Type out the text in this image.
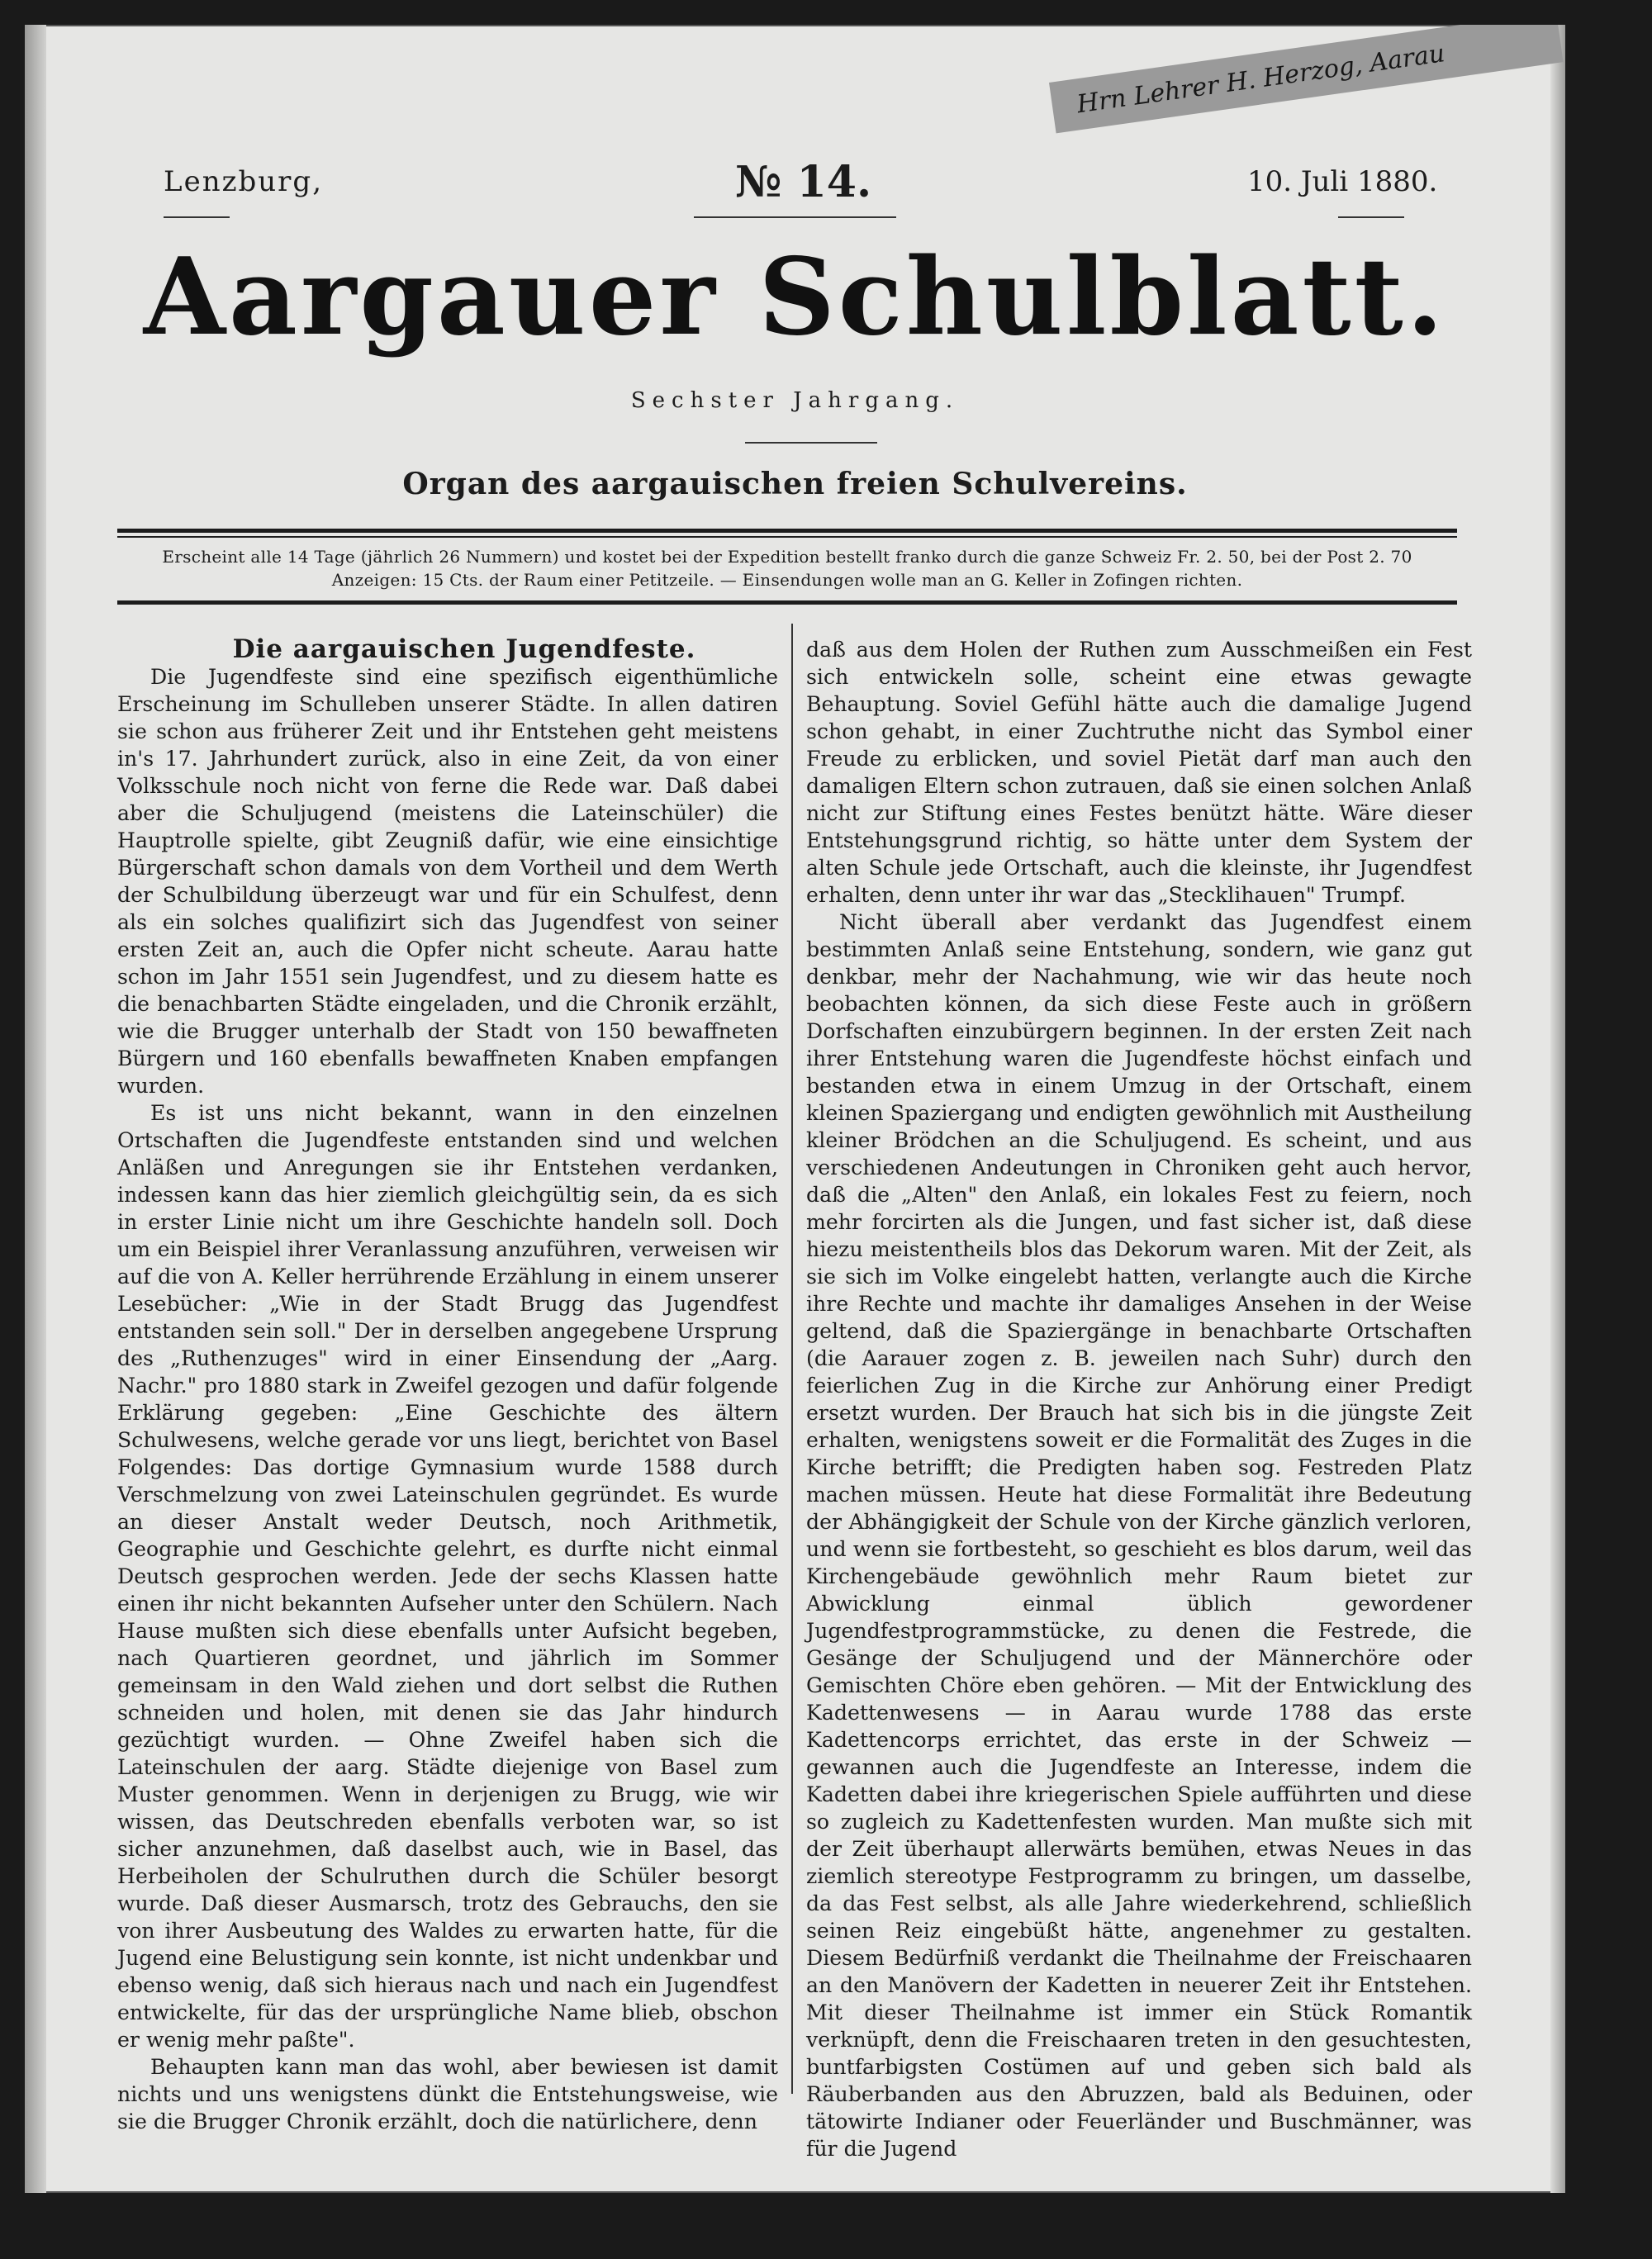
Hrn Lehrer H. Herzog, Aarau
Lenzburg,	№ 14.	10. Juli 1880.
Aargauer Schulblatt.
Sechster Jahrgang.
Organ des aargauischen freien Schulvereins.
Erscheint alle 14 Tage (jährlich 26 Nummern) und kostet bei der Expedition bestellt franko durch die ganze Schweiz Fr. 2. 50, bei der Post 2. 70
Anzeigen: 15 Cts. der Raum einer Petitzeile. — Einsendungen wolle man an G. Keller in Zofingen richten.

Die aargauischen Jugendfeste.

Die Jugendfeste sind eine spezifisch eigenthümliche Erscheinung im Schulleben unserer Städte. In allen datiren sie schon aus früherer Zeit und ihr Entstehen geht meistens in's 17. Jahrhundert zurück, also in eine Zeit, da von einer Volksschule noch nicht von ferne die Rede war. Daß dabei aber die Schuljugend (meistens die Lateinschüler) die Hauptrolle spielte, gibt Zeugniß dafür, wie eine einsichtige Bürgerschaft schon damals von dem Vortheil und dem Werth der Schulbildung überzeugt war und für ein Schulfest, denn als ein solches qualifizirt sich das Jugendfest von seiner ersten Zeit an, auch die Opfer nicht scheute. Aarau hatte schon im Jahr 1551 sein Jugendfest, und zu diesem hatte es die benachbarten Städte eingeladen, und die Chronik erzählt, wie die Brugger unterhalb der Stadt von 150 bewaffneten Bürgern und 160 ebenfalls bewaffneten Knaben empfangen wurden.

Es ist uns nicht bekannt, wann in den einzelnen Ortschaften die Jugendfeste entstanden sind und welchen Anläßen und Anregungen sie ihr Entstehen verdanken, indessen kann das hier ziemlich gleichgültig sein, da es sich in erster Linie nicht um ihre Geschichte handeln soll. Doch um ein Beispiel ihrer Veranlassung anzuführen, verweisen wir auf die von A. Keller herrührende Erzählung in einem unserer Lesebücher: „Wie in der Stadt Brugg das Jugendfest entstanden sein soll." Der in derselben angegebene Ursprung des „Ruthenzuges" wird in einer Einsendung der „Aarg. Nachr." pro 1880 stark in Zweifel gezogen und dafür folgende Erklärung gegeben: „Eine Geschichte des ältern Schulwesens, welche gerade vor uns liegt, berichtet von Basel Folgendes: Das dortige Gymnasium wurde 1588 durch Verschmelzung von zwei Lateinschulen gegründet. Es wurde an dieser Anstalt weder Deutsch, noch Arithmetik, Geographie und Geschichte gelehrt, es durfte nicht einmal Deutsch gesprochen werden. Jede der sechs Klassen hatte einen ihr nicht bekannten Aufseher unter den Schülern. Nach Hause mußten sich diese ebenfalls unter Aufsicht begeben, nach Quartieren geordnet, und jährlich im Sommer gemeinsam in den Wald ziehen und dort selbst die Ruthen schneiden und holen, mit denen sie das Jahr hindurch gezüchtigt wurden. — Ohne Zweifel haben sich die Lateinschulen der aarg. Städte diejenige von Basel zum Muster genommen. Wenn in derjenigen zu Brugg, wie wir wissen, das Deutschreden ebenfalls verboten war, so ist sicher anzunehmen, daß daselbst auch, wie in Basel, das Herbeiholen der Schulruthen durch die Schüler besorgt wurde. Daß dieser Ausmarsch, trotz des Gebrauchs, den sie von ihrer Ausbeutung des Waldes zu erwarten hatte, für die Jugend eine Belustigung sein konnte, ist nicht undenkbar und ebenso wenig, daß sich hieraus nach und nach ein Jugendfest entwickelte, für das der ursprüngliche Name blieb, obschon er wenig mehr paßte".

Behaupten kann man das wohl, aber bewiesen ist damit nichts und uns wenigstens dünkt die Entstehungsweise, wie sie die Brugger Chronik erzählt, doch die natürlichere, denn

daß aus dem Holen der Ruthen zum Ausschmeißen ein Fest sich entwickeln solle, scheint eine etwas gewagte Behauptung. Soviel Gefühl hätte auch die damalige Jugend schon gehabt, in einer Zuchtruthe nicht das Symbol einer Freude zu erblicken, und soviel Pietät darf man auch den damaligen Eltern schon zutrauen, daß sie einen solchen Anlaß nicht zur Stiftung eines Festes benützt hätte. Wäre dieser Entstehungsgrund richtig, so hätte unter dem System der alten Schule jede Ortschaft, auch die kleinste, ihr Jugendfest erhalten, denn unter ihr war das „Stecklihauen" Trumpf.

Nicht überall aber verdankt das Jugendfest einem bestimmten Anlaß seine Entstehung, sondern, wie ganz gut denkbar, mehr der Nachahmung, wie wir das heute noch beobachten können, da sich diese Feste auch in größern Dorfschaften einzubürgern beginnen. In der ersten Zeit nach ihrer Entstehung waren die Jugendfeste höchst einfach und bestanden etwa in einem Umzug in der Ortschaft, einem kleinen Spaziergang und endigten gewöhnlich mit Austheilung kleiner Brödchen an die Schuljugend. Es scheint, und aus verschiedenen Andeutungen in Chroniken geht auch hervor, daß die „Alten" den Anlaß, ein lokales Fest zu feiern, noch mehr forcirten als die Jungen, und fast sicher ist, daß diese hiezu meistentheils blos das Dekorum waren. Mit der Zeit, als sie sich im Volke eingelebt hatten, verlangte auch die Kirche ihre Rechte und machte ihr damaliges Ansehen in der Weise geltend, daß die Spaziergänge in benachbarte Ortschaften (die Aarauer zogen z. B. jeweilen nach Suhr) durch den feierlichen Zug in die Kirche zur Anhörung einer Predigt ersetzt wurden. Der Brauch hat sich bis in die jüngste Zeit erhalten, wenigstens soweit er die Formalität des Zuges in die Kirche betrifft; die Predigten haben sog. Festreden Platz machen müssen. Heute hat diese Formalität ihre Bedeutung der Abhängigkeit der Schule von der Kirche gänzlich verloren, und wenn sie fortbesteht, so geschieht es blos darum, weil das Kirchengebäude gewöhnlich mehr Raum bietet zur Abwicklung einmal üblich gewordener Jugendfestprogrammstücke, zu denen die Festrede, die Gesänge der Schuljugend und der Männerchöre oder Gemischten Chöre eben gehören. — Mit der Entwicklung des Kadettenwesens — in Aarau wurde 1788 das erste Kadettencorps errichtet, das erste in der Schweiz — gewannen auch die Jugendfeste an Interesse, indem die Kadetten dabei ihre kriegerischen Spiele aufführten und diese so zugleich zu Kadettenfesten wurden. Man mußte sich mit der Zeit überhaupt allerwärts bemühen, etwas Neues in das ziemlich stereotype Festprogramm zu bringen, um dasselbe, da das Fest selbst, als alle Jahre wiederkehrend, schließlich seinen Reiz eingebüßt hätte, angenehmer zu gestalten. Diesem Bedürfniß verdankt die Theilnahme der Freischaaren an den Manövern der Kadetten in neuerer Zeit ihr Entstehen. Mit dieser Theilnahme ist immer ein Stück Romantik verknüpft, denn die Freischaaren treten in den gesuchtesten, buntfarbigsten Costümen auf und geben sich bald als Räuberbanden aus den Abruzzen, bald als Beduinen, oder tätowirte Indianer oder Feuerländer und Buschmänner, was für die Jugend
